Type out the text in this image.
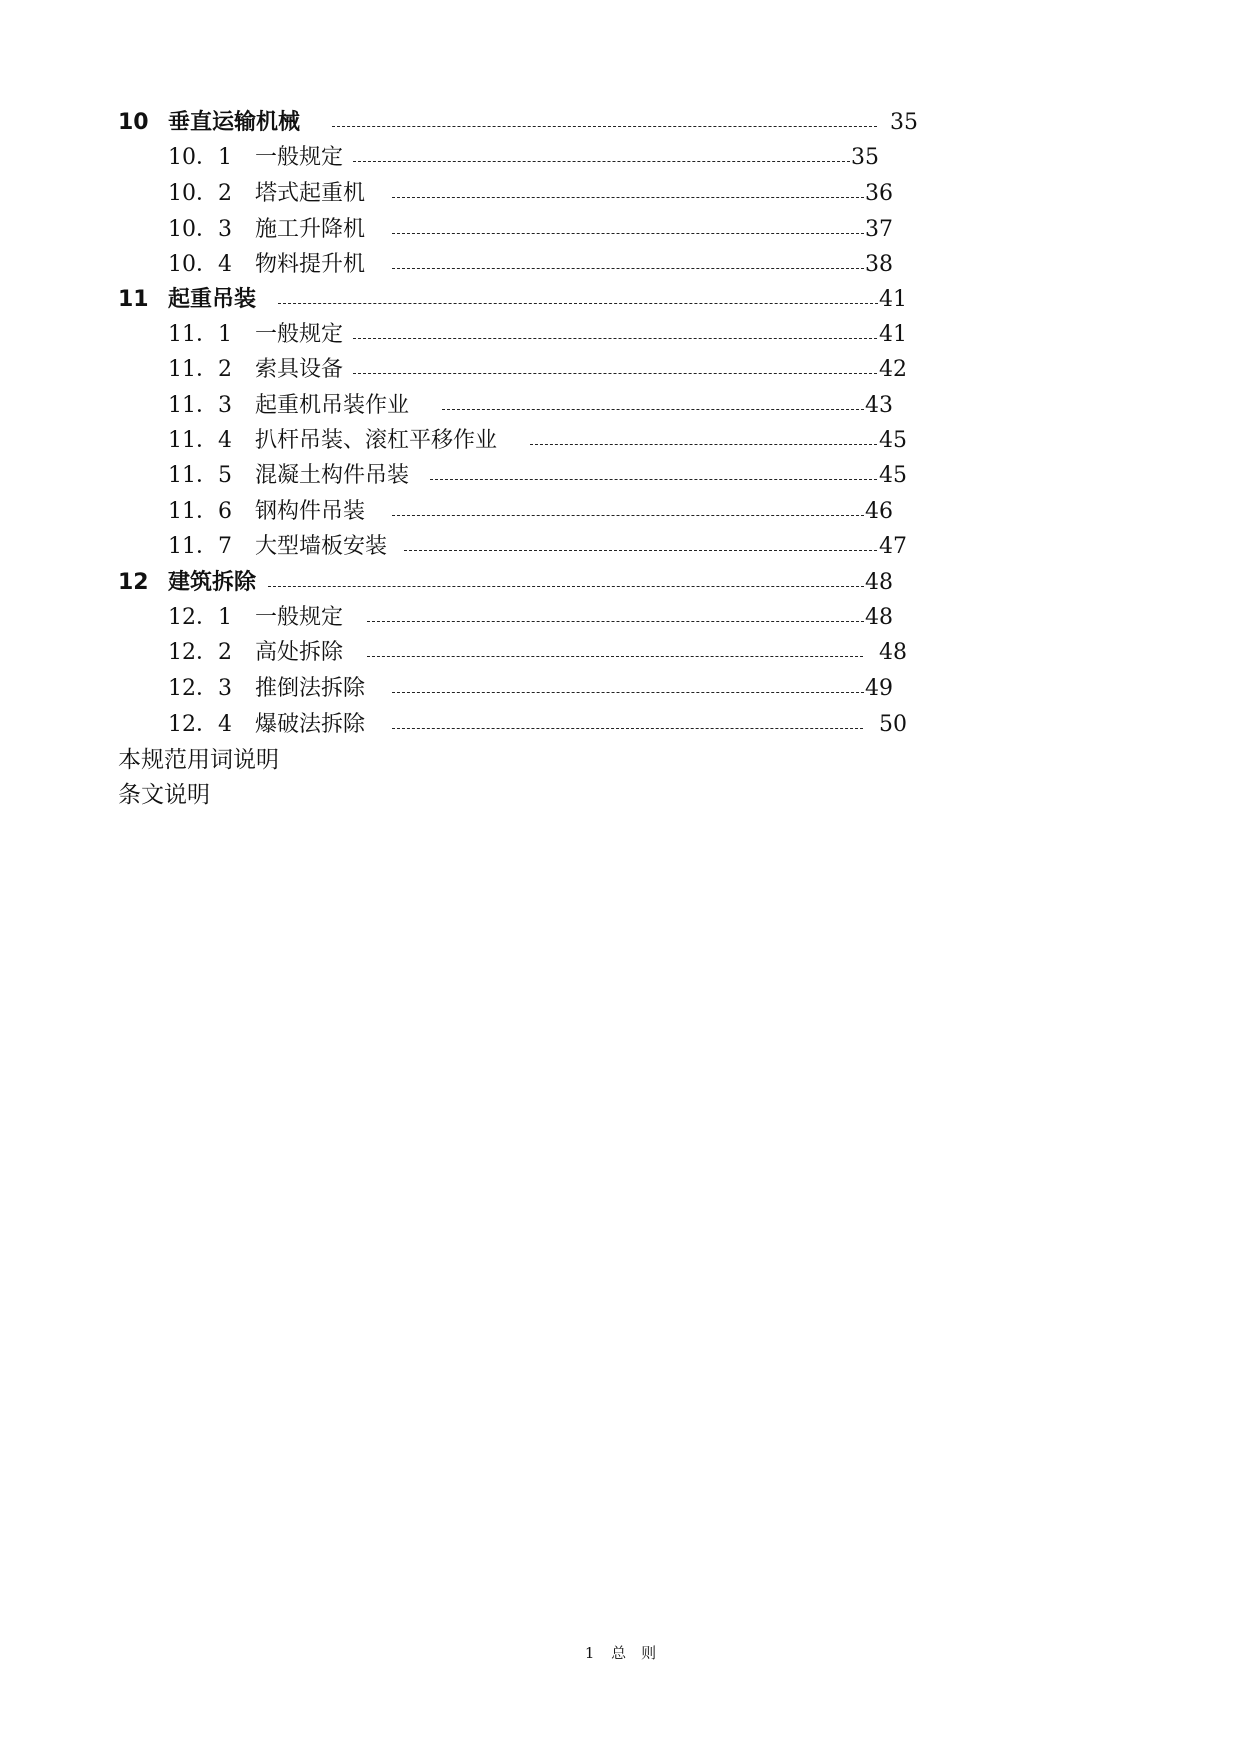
10 垂直运输机械	35
10．1 一般规定	35
10．2 塔式起重机	36
10．3 施工升降机	37
10．4 物料提升机	38
11 起重吊装	41
11．1 一般规定	41
11．2 索具设备	42
11．3 起重机吊装作业	43
11．4 扒杆吊装、滚杠平移作业	45
11．5 混凝土构件吊装	45
11．6 钢构件吊装	46
11．7 大型墙板安装	47
12 建筑拆除	48
12．1 一般规定	48
12．2 高处拆除	48
12．3 推倒法拆除	49
12．4 爆破法拆除	50
本规范用词说明
条文说明
1 总　则
